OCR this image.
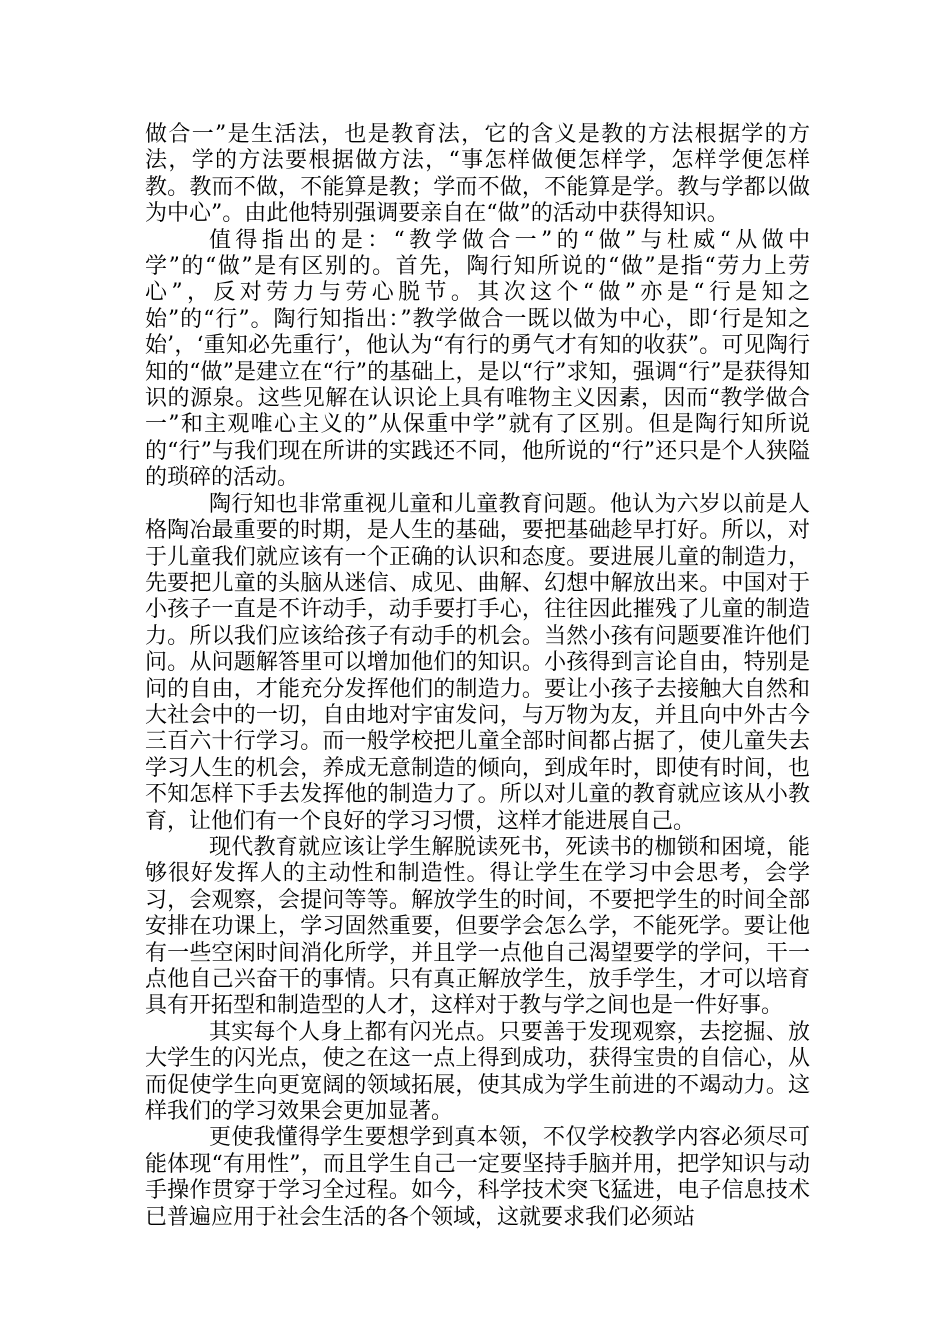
做合一”是生活法，也是教育法，它的含义是教的方法根据学的方法，学的方法要根据做方法，“事怎样做便怎样学，怎样学便怎样教。教而不做，不能算是教；学而不做，不能算是学。教与学都以做为中心”。由此他特别强调要亲自在“做”的活动中获得知识。

值得指出的是：“教学做合一”的“做”与杜威“从做中学”的“做”是有区别的。首先，陶行知所说的“做”是指“劳力上劳心”，反对劳力与劳心脱节。其次这个“做”亦是“行是知之始”的“行”。陶行知指出：”教学做合一既以做为中心，即‘行是知之始’，‘重知必先重行’，他认为“有行的勇气才有知的收获”。可见陶行知的“做”是建立在“行”的基础上，是以“行”求知，强调“行”是获得知识的源泉。这些见解在认识论上具有唯物主义因素，因而“教学做合一”和主观唯心主义的”从保重中学”就有了区别。但是陶行知所说的“行”与我们现在所讲的实践还不同，他所说的“行”还只是个人狭隘的琐碎的活动。

陶行知也非常重视儿童和儿童教育问题。他认为六岁以前是人格陶冶最重要的时期，是人生的基础，要把基础趁早打好。所以，对于儿童我们就应该有一个正确的认识和态度。要进展儿童的制造力，先要把儿童的头脑从迷信、成见、曲解、幻想中解放出来。中国对于小孩子一直是不许动手，动手要打手心，往往因此摧残了儿童的制造力。所以我们应该给孩子有动手的机会。当然小孩有问题要准许他们问。从问题解答里可以增加他们的知识。小孩得到言论自由，特别是问的自由，才能充分发挥他们的制造力。要让小孩子去接触大自然和大社会中的一切，自由地对宇宙发问，与万物为友，并且向中外古今三百六十行学习。而一般学校把儿童全部时间都占据了，使儿童失去学习人生的机会，养成无意制造的倾向，到成年时，即使有时间，也不知怎样下手去发挥他的制造力了。所以对儿童的教育就应该从小教育，让他们有一个良好的学习习惯，这样才能进展自己。

现代教育就应该让学生解脱读死书，死读书的枷锁和困境，能够很好发挥人的主动性和制造性。得让学生在学习中会思考，会学习，会观察，会提问等等。解放学生的时间，不要把学生的时间全部安排在功课上，学习固然重要，但要学会怎么学，不能死学。要让他有一些空闲时间消化所学，并且学一点他自己渴望要学的学问，干一点他自己兴奋干的事情。只有真正解放学生，放手学生，才可以培育具有开拓型和制造型的人才，这样对于教与学之间也是一件好事。

其实每个人身上都有闪光点。只要善于发现观察，去挖掘、放大学生的闪光点，使之在这一点上得到成功，获得宝贵的自信心，从而促使学生向更宽阔的领域拓展，使其成为学生前进的不竭动力。这样我们的学习效果会更加显著。

更使我懂得学生要想学到真本领，不仅学校教学内容必须尽可能体现“有用性”，而且学生自己一定要坚持手脑并用，把学知识与动手操作贯穿于学习全过程。如今，科学技术突飞猛进，电子信息技术已普遍应用于社会生活的各个领域，这就要求我们必须站
